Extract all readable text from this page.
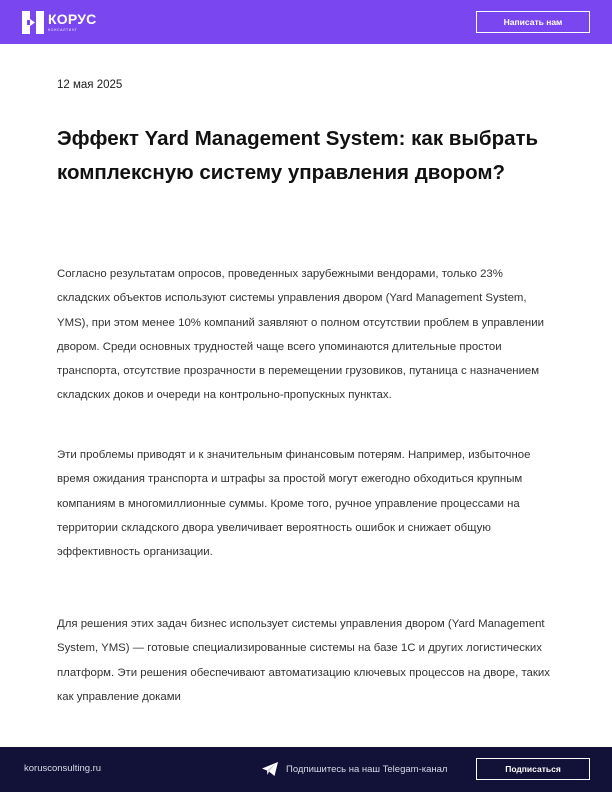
КОРУС
КОНСАЛТИНГ
Написать нам
12 мая 2025
Эффект Yard Management System: как выбрать комплексную систему управления двором?

Согласно результатам опросов, проведенных зарубежными вендорами, только 23% складских объектов используют системы управления двором (Yard Management System, YMS), при этом менее 10% компаний заявляют о полном отсутствии проблем в управлении двором. Среди основных трудностей чаще всего упоминаются длительные простои транспорта, отсутствие прозрачности в перемещении грузовиков, путаница с назначением складских доков и очереди на контрольно-пропускных пунктах.

Эти проблемы приводят и к значительным финансовым потерям. Например, избыточное время ожидания транспорта и штрафы за простой могут ежегодно обходиться крупным компаниям в многомиллионные суммы. Кроме того, ручное управление процессами на территории складского двора увеличивает вероятность ошибок и снижает общую эффективность организации.

Для решения этих задач бизнес использует системы управления двором (Yard Management System, YMS) — готовые специализированные системы на базе 1С и других логистических платформ. Эти решения обеспечивают автоматизацию ключевых процессов на дворе, таких как управление доками

korusconsulting.ru	Подпишитесь на наш Telegam-канал	Подписаться
